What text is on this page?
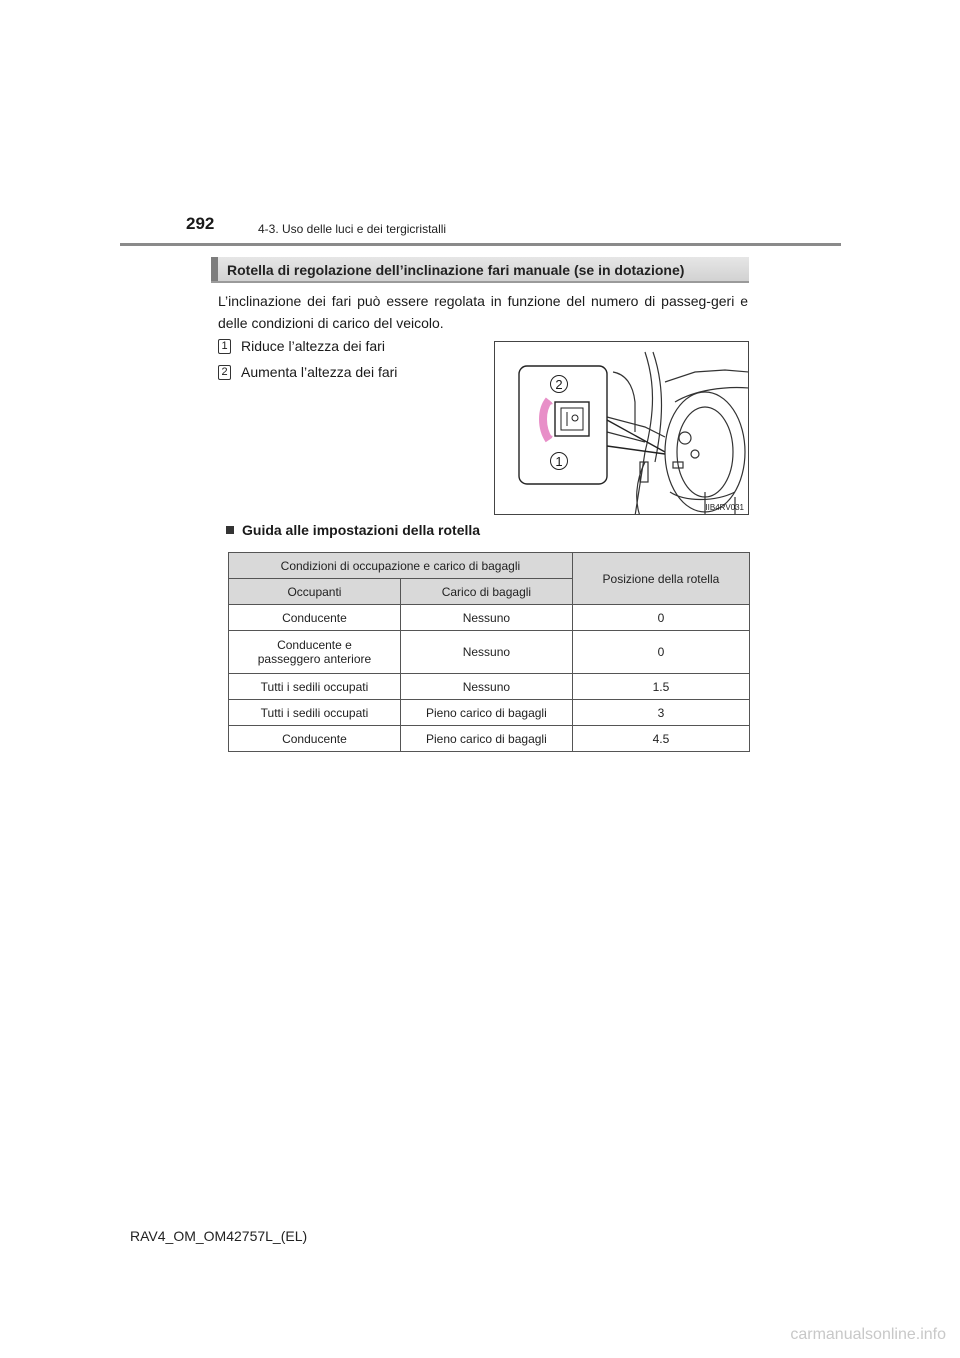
292	4-3. Uso delle luci e dei tergicristalli
Rotella di regolazione dell’inclinazione fari manuale (se in dotazione)
L’inclinazione dei fari può essere regolata in funzione del numero di passeg-geri e delle condizioni di carico del veicolo.
1 Riduce l’altezza dei fari
2 Aumenta l’altezza dei fari
2
1
IIB4RV031
Guida alle impostazioni della rotella
Condizioni di occupazione e carico di bagagli		Posizione della rotella
Occupanti	Carico di bagagli	
Conducente	Nessuno	0
Conducente e passeggero anteriore	Nessuno	0
Tutti i sedili occupati	Nessuno	1.5
Tutti i sedili occupati	Pieno carico di bagagli	3
Conducente	Pieno carico di bagagli	4.5
RAV4_OM_OM42757L_(EL)
carmanualsonline.info
